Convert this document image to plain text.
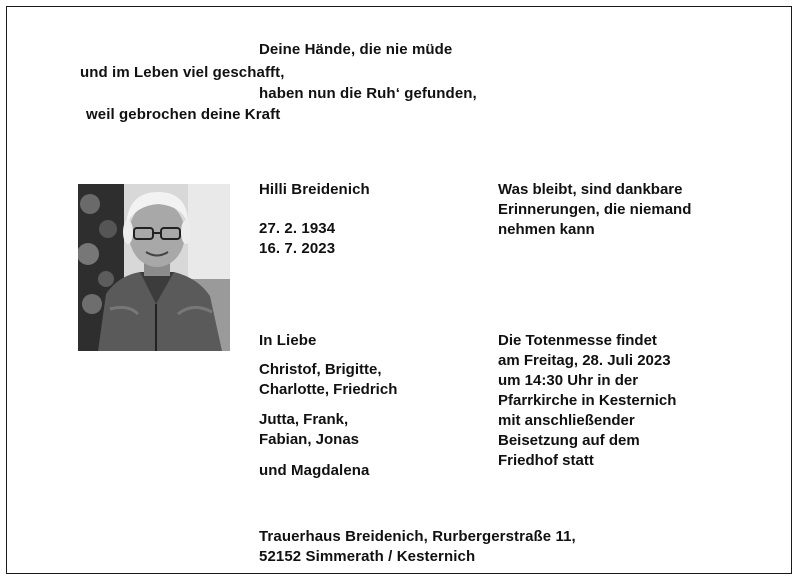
Deine Hände, die nie müde
und im Leben viel geschafft,
haben nun die Ruh‘ gefunden,
weil gebrochen deine Kraft
Hilli Breidenich
27. 2. 1934
16. 7. 2023
Was bleibt, sind dankbare
Erinnerungen, die niemand
nehmen kann
In Liebe
Christof, Brigitte,
Charlotte, Friedrich
Jutta, Frank,
Fabian, Jonas
und Magdalena
Die Totenmesse findet
am Freitag, 28. Juli 2023
um 14:30 Uhr in der
Pfarrkirche in Kesternich
mit anschließender
Beisetzung auf dem
Friedhof statt
Trauerhaus Breidenich, Rurbergerstraße 11,
52152 Simmerath / Kesternich
